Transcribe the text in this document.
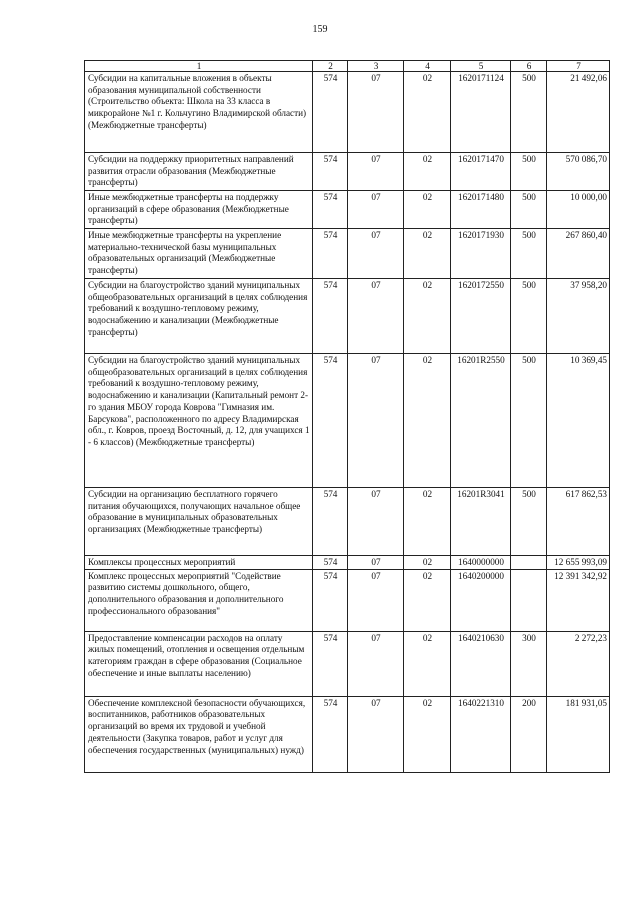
159
1	2	3	4	5	6	7
Субсидии на капитальные вложения в объекты образования муниципальной собственности (Строительство объекта: Школа на 33 класса в микрорайоне №1 г. Кольчугино Владимирской области) (Межбюджетные трансферты)	574	07	02	1620171124	500	21 492,06
Субсидии на поддержку приоритетных направлений развития отрасли образования (Межбюджетные трансферты)	574	07	02	1620171470	500	570 086,70
Иные межбюджетные трансферты на поддержку организаций в сфере образования (Межбюджетные трансферты)	574	07	02	1620171480	500	10 000,00
Иные межбюджетные трансферты на укрепление материально-технической базы муниципальных образовательных организаций (Межбюджетные трансферты)	574	07	02	1620171930	500	267 860,40
Субсидии на благоустройство зданий муниципальных общеобразовательных организаций в целях соблюдения требований к воздушно-тепловому режиму, водоснабжению и канализации (Межбюджетные трансферты)	574	07	02	1620172550	500	37 958,20
Субсидии на благоустройство зданий муниципальных общеобразовательных организаций в целях соблюдения требований к воздушно-тепловому режиму, водоснабжению и канализации (Капитальный ремонт 2-го здания МБОУ города Коврова "Гимназия им. Барсукова", расположенного по адресу Владимирская обл., г. Ковров, проезд Восточный, д. 12, для учащихся 1 - 6 классов) (Межбюджетные трансферты)	574	07	02	16201R2550	500	10 369,45
Субсидии на организацию бесплатного горячего питания обучающихся, получающих начальное общее образование в муниципальных образовательных организациях (Межбюджетные трансферты)	574	07	02	16201R3041	500	617 862,53
Комплексы процессных мероприятий	574	07	02	1640000000		12 655 993,09
Комплекс процессных мероприятий "Содействие развитию системы дошкольного, общего, дополнительного образования и дополнительного профессионального образования"	574	07	02	1640200000		12 391 342,92
Предоставление компенсации расходов на оплату жилых помещений, отопления и освещения отдельным категориям граждан в сфере образования (Социальное обеспечение и иные выплаты населению)	574	07	02	1640210630	300	2 272,23
Обеспечение комплексной безопасности обучающихся, воспитанников, работников образовательных организаций во время их трудовой и учебной деятельности (Закупка товаров, работ и услуг для обеспечения государственных (муниципальных) нужд)	574	07	02	1640221310	200	181 931,05
